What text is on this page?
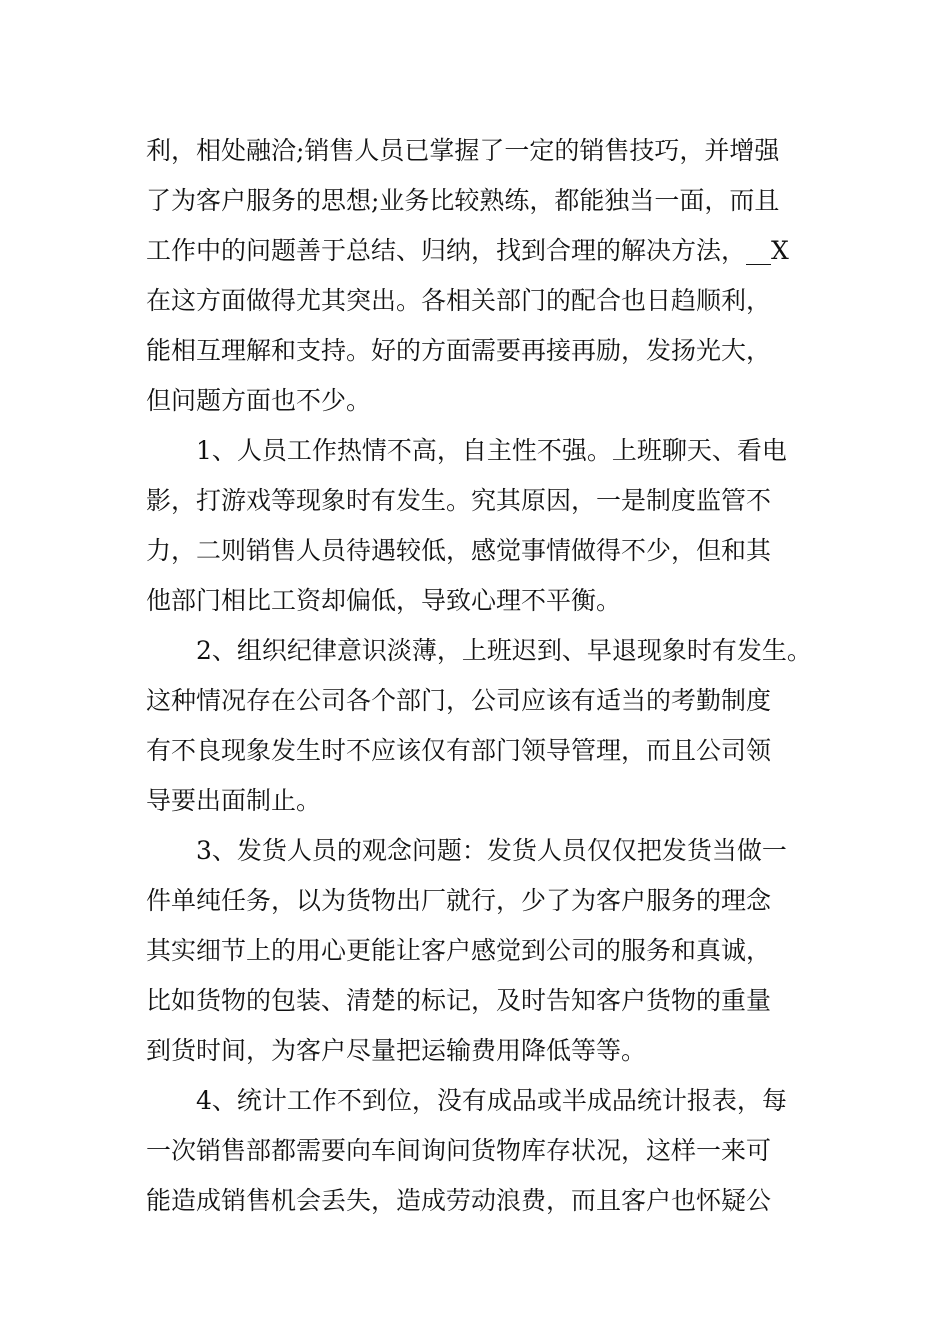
利，相处融洽;销售人员已掌握了一定的销售技巧，并增强
了为客户服务的思想;业务比较熟练，都能独当一面，而且
工作中的问题善于总结、归纳，找到合理的解决方法，__X
在这方面做得尤其突出。各相关部门的配合也日趋顺利，
能相互理解和支持。好的方面需要再接再励，发扬光大，
但问题方面也不少。
1、人员工作热情不高，自主性不强。上班聊天、看电
影，打游戏等现象时有发生。究其原因，一是制度监管不
力，二则销售人员待遇较低，感觉事情做得不少，但和其
他部门相比工资却偏低，导致心理不平衡。
2、组织纪律意识淡薄，上班迟到、早退现象时有发生。
这种情况存在公司各个部门，公司应该有适当的考勤制度
有不良现象发生时不应该仅有部门领导管理，而且公司领
导要出面制止。
3、发货人员的观念问题：发货人员仅仅把发货当做一
件单纯任务，以为货物出厂就行，少了为客户服务的理念
其实细节上的用心更能让客户感觉到公司的服务和真诚，
比如货物的包装、清楚的标记，及时告知客户货物的重量
到货时间，为客户尽量把运输费用降低等等。
4、统计工作不到位，没有成品或半成品统计报表，每
一次销售部都需要向车间询问货物库存状况，这样一来可
能造成销售机会丢失，造成劳动浪费，而且客户也怀疑公
